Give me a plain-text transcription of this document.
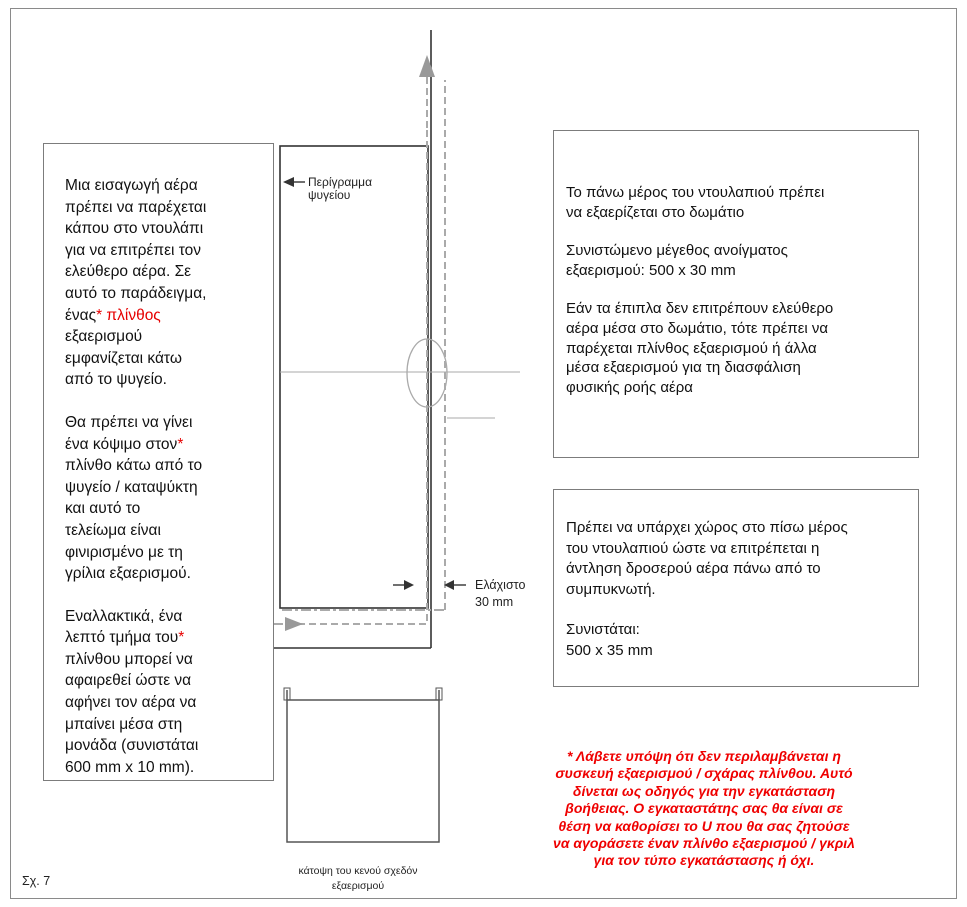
Μια εισαγωγή αέρα

πρέπει να παρέχεται

κάπου στο ντουλάπι

για να επιτρέπει τον

ελεύθερο αέρα. Σε

αυτό το παράδειγμα,

ένας* πλίνθος

εξαερισμού

εμφανίζεται κάτω

από το ψυγείο.

Θα πρέπει να γίνει

ένα κόψιμο στον*

πλίνθο κάτω από το

ψυγείο / καταψύκτη

και αυτό το

τελείωμα είναι

φινιρισμένο με τη

γρίλια εξαερισμού.

Εναλλακτικά, ένα

λεπτό τμήμα του*

πλίνθου μπορεί να

αφαιρεθεί ώστε να

αφήνει τον αέρα να

μπαίνει μέσα στη

μονάδα (συνιστάται

600 mm x 10 mm).

Το πάνω μέρος του ντουλαπιού πρέπει

να εξαερίζεται στο δωμάτιο

Συνιστώμενο μέγεθος ανοίγματος

εξαερισμού: 500 x 30 mm

Εάν τα έπιπλα δεν επιτρέπουν ελεύθερο

αέρα μέσα στο δωμάτιο, τότε πρέπει να

παρέχεται πλίνθος εξαερισμού ή άλλα

μέσα εξαερισμού για τη διασφάλιση

φυσικής ροής αέρα

Πρέπει να υπάρχει χώρος στο πίσω μέρος

του ντουλαπιού ώστε να επιτρέπεται η

άντληση δροσερού αέρα πάνω από το

συμπυκνωτή.

Συνιστάται:

500 x 35 mm

Περίγραμμα
ψυγείου
Ελάχιστο
30 mm
κάτοψη του κενού σχεδόν
εξαερισμού
Σχ. 7
* Λάβετε υπόψη ότι δεν περιλαμβάνεται η
συσκευή εξαερισμού / σχάρας πλίνθου. Αυτό
δίνεται ως οδηγός για την εγκατάσταση
βοήθειας. Ο εγκαταστάτης σας θα είναι σε
θέση να καθορίσει το U που θα σας ζητούσε
να αγοράσετε έναν πλίνθο εξαερισμού / γκριλ
για τον τύπο εγκατάστασης ή όχι.
